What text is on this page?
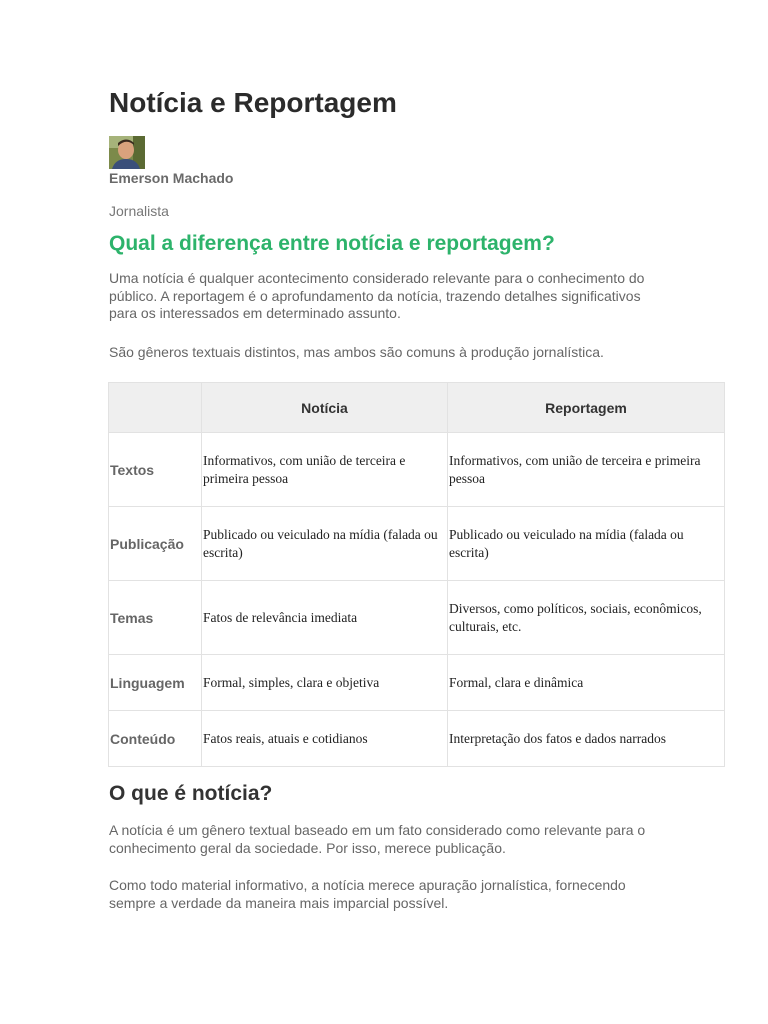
Notícia e Reportagem
Emerson Machado
Jornalista
Qual a diferença entre notícia e reportagem?

Uma notícia é qualquer acontecimento considerado relevante para o conhecimento do público. A reportagem é o aprofundamento da notícia, trazendo detalhes significativos para os interessados em determinado assunto.

São gêneros textuais distintos, mas ambos são comuns à produção jornalística.

	Notícia	Reportagem
Textos	Informativos, com união de terceira e primeira pessoa	Informativos, com união de terceira e primeira pessoa
Publicação	Publicado ou veiculado na mídia (falada ou escrita)	Publicado ou veiculado na mídia (falada ou escrita)
Temas	Fatos de relevância imediata	Diversos, como políticos, sociais, econômicos, culturais, etc.
Linguagem	Formal, simples, clara e objetiva	Formal, clara e dinâmica
Conteúdo	Fatos reais, atuais e cotidianos	Interpretação dos fatos e dados narrados
O que é notícia?

A notícia é um gênero textual baseado em um fato considerado como relevante para o conhecimento geral da sociedade. Por isso, merece publicação.

Como todo material informativo, a notícia merece apuração jornalística, fornecendo sempre a verdade da maneira mais imparcial possível.
